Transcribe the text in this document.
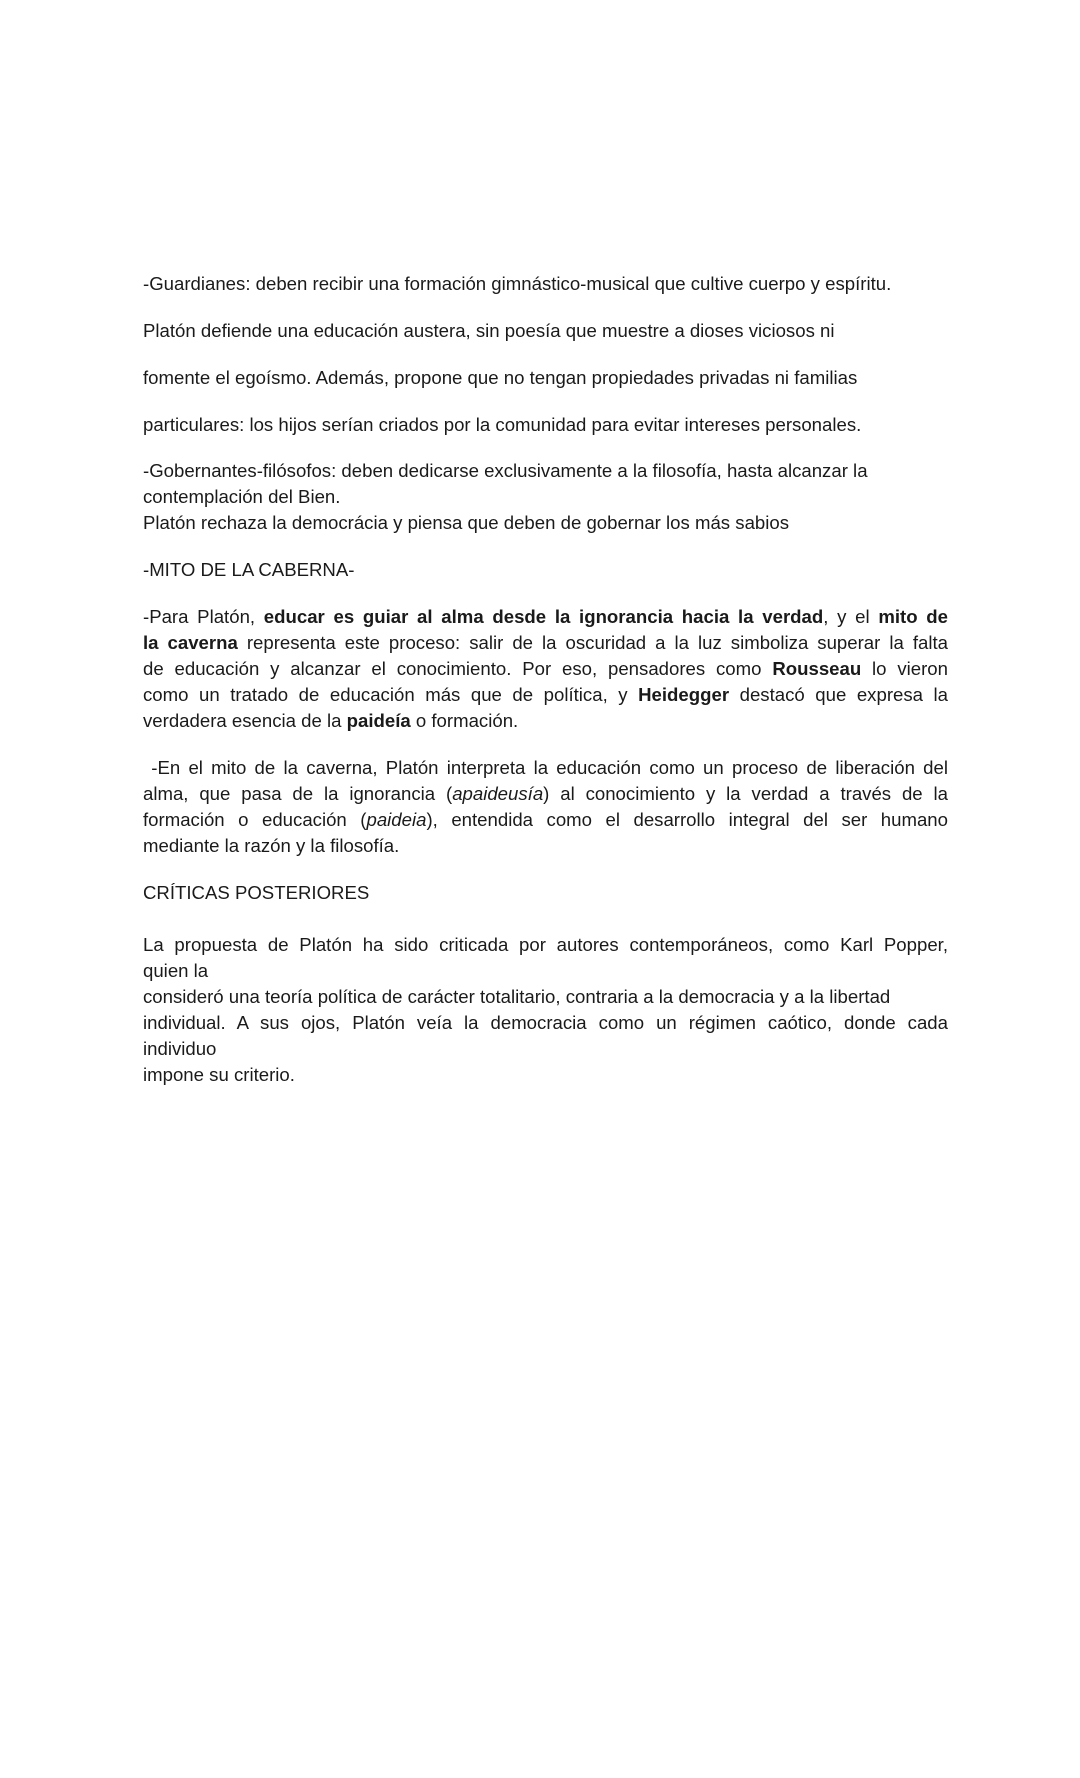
-Guardianes: deben recibir una formación gimnástico-musical que cultive cuerpo y espíritu.
Platón defiende una educación austera, sin poesía que muestre a dioses viciosos ni
fomente el egoísmo. Además, propone que no tengan propiedades privadas ni familias
particulares: los hijos serían criados por la comunidad para evitar intereses personales.
-Gobernantes-filósofos: deben dedicarse exclusivamente a la filosofía, hasta alcanzar la
contemplación del Bien.
Platón rechaza la democrácia y piensa que deben de gobernar los más sabios
-MITO DE LA CABERNA-
-Para Platón, educar es guiar al alma desde la ignorancia hacia la verdad, y el mito de
la caverna representa este proceso: salir de la oscuridad a la luz simboliza superar la falta
de educación y alcanzar el conocimiento. Por eso, pensadores como Rousseau lo vieron
como un tratado de educación más que de política, y Heidegger destacó que expresa la
verdadera esencia de la paideía o formación.
-En el mito de la caverna, Platón interpreta la educación como un proceso de liberación del
alma, que pasa de la ignorancia (apaideusía) al conocimiento y la verdad a través de la
formación o educación (paideia), entendida como el desarrollo integral del ser humano
mediante la razón y la filosofía.
CRÍTICAS POSTERIORES
La propuesta de Platón ha sido criticada por autores contemporáneos, como Karl Popper,
quien la
consideró una teoría política de carácter totalitario, contraria a la democracia y a la libertad
individual. A sus ojos, Platón veía la democracia como un régimen caótico, donde cada
individuo
impone su criterio.
